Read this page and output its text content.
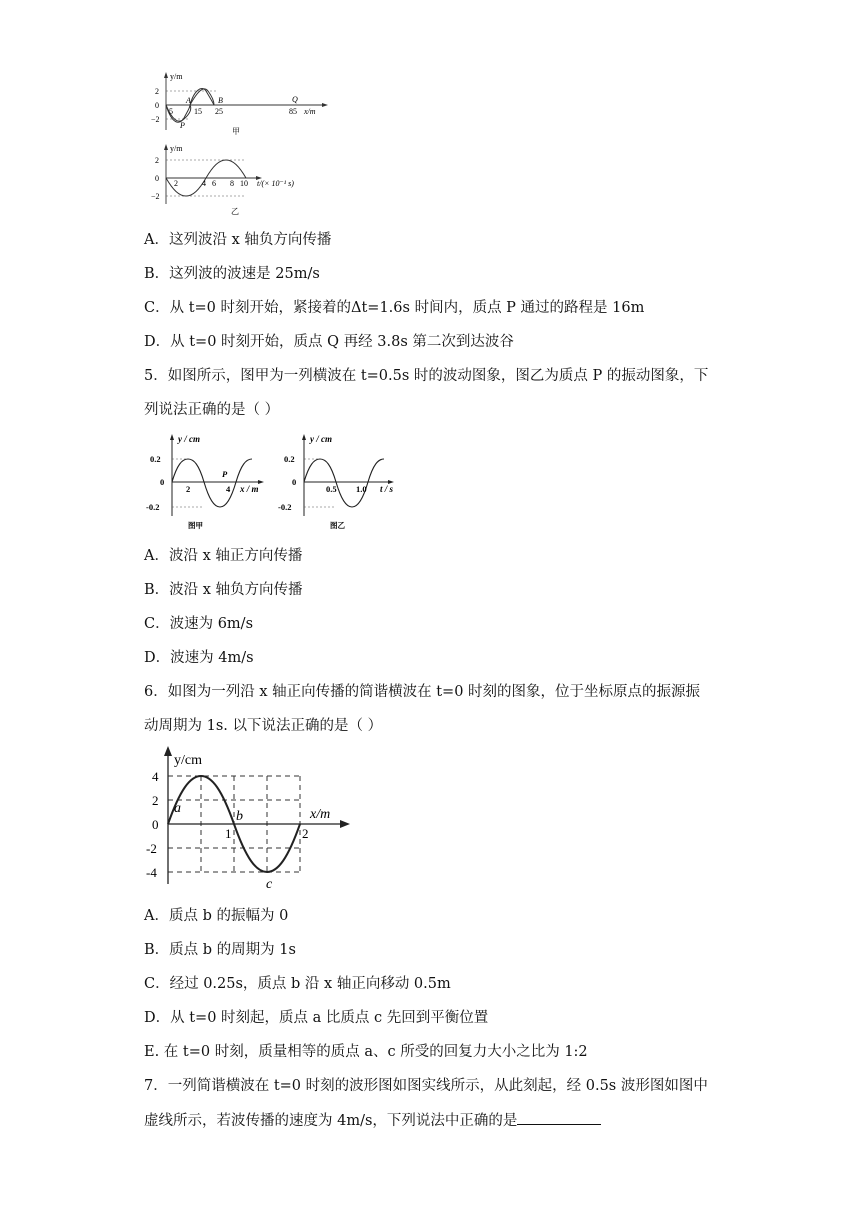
y/m
2
0
−2
5	15 25	85
A	B
P
Q
x/m
甲
y/m
2
0
−2
2	4 6 8 10 t/(× 10⁻¹ s)
乙
A．这列波沿 x 轴负方向传播
B．这列波的波速是 25m/s
C．从 t=0 时刻开始，紧接着的Δt=1.6s 时间内，质点 P 通过的路程是 16m
D．从 t=0 时刻开始，质点 Q 再经 3.8s 第二次到达波谷
5．如图所示，图甲为一列横波在 t=0.5s 时的波动图象，图乙为质点 P 的振动图象，下
列说法正确的是（ ）
y / cm
0.2
0
-0.2
2	4
P
x / m
图甲
y / cm
0.2
0
-0.2
0.5 1.0 t / s
图乙
A．波沿 x 轴正方向传播
B．波沿 x 轴负方向传播
C．波速为 6m/s
D．波速为 4m/s
6．如图为一列沿 x 轴正向传播的简谐横波在 t=0 时刻的图象，位于坐标原点的振源振
动周期为 1s. 以下说法正确的是（ ）
y/cm
4
2
0
-2
-4
1	2
x/m
a
b
c
A．质点 b 的振幅为 0
B．质点 b 的周期为 1s
C．经过 0.25s，质点 b 沿 x 轴正向移动 0.5m
D．从 t=0 时刻起，质点 a 比质点 c 先回到平衡位置
E. 在 t=0 时刻，质量相等的质点 a、c 所受的回复力大小之比为 1:2
7．一列简谐横波在 t=0 时刻的波形图如图实线所示，从此刻起，经 0.5s 波形图如图中
虚线所示，若波传播的速度为 4m/s，下列说法中正确的是
